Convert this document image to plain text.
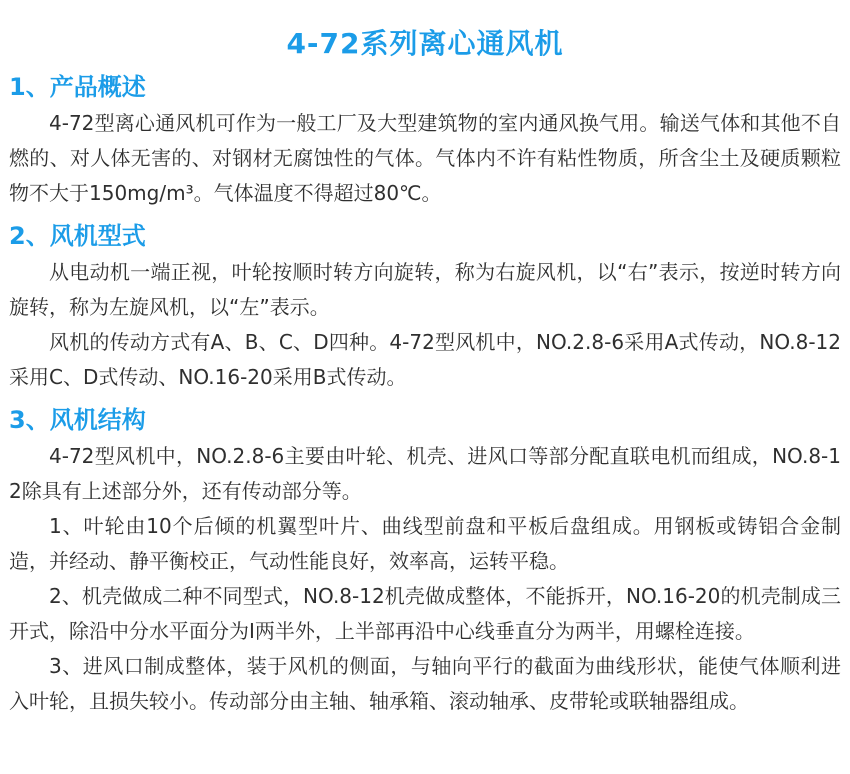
4-72系列离心通风机
1、产品概述

4-72型离心通风机可作为一般工厂及大型建筑物的室内通风换气用。输送气体和其他不自燃的、对人体无害的、对钢材无腐蚀性的气体。气体内不许有粘性物质，所含尘土及硬质颗粒物不大于150mg/m³。气体温度不得超过80℃。

2、风机型式

从电动机一端正视，叶轮按顺时转方向旋转，称为右旋风机，以“右”表示，按逆时转方向旋转，称为左旋风机，以“左”表示。

风机的传动方式有A、B、C、D四种。4-72型风机中，NO.2.8-6采用A式传动，NO.8-12采用C、D式传动、NO.16-20采用B式传动。

3、风机结构

4-72型风机中，NO.2.8-6主要由叶轮、机壳、进风口等部分配直联电机而组成，NO.8-12除具有上述部分外，还有传动部分等。

1、叶轮由10个后倾的机翼型叶片、曲线型前盘和平板后盘组成。用钢板或铸铝合金制造，并经动、静平衡校正，气动性能良好，效率高，运转平稳。

2、机壳做成二种不同型式，NO.8-12机壳做成整体，不能拆开，NO.16-20的机壳制成三开式，除沿中分水平面分为I两半外，上半部再沿中心线垂直分为两半，用螺栓连接。

3、进风口制成整体，装于风机的侧面，与轴向平行的截面为曲线形状，能使气体顺利进入叶轮，且损失较小。传动部分由主轴、轴承箱、滚动轴承、皮带轮或联轴器组成。
